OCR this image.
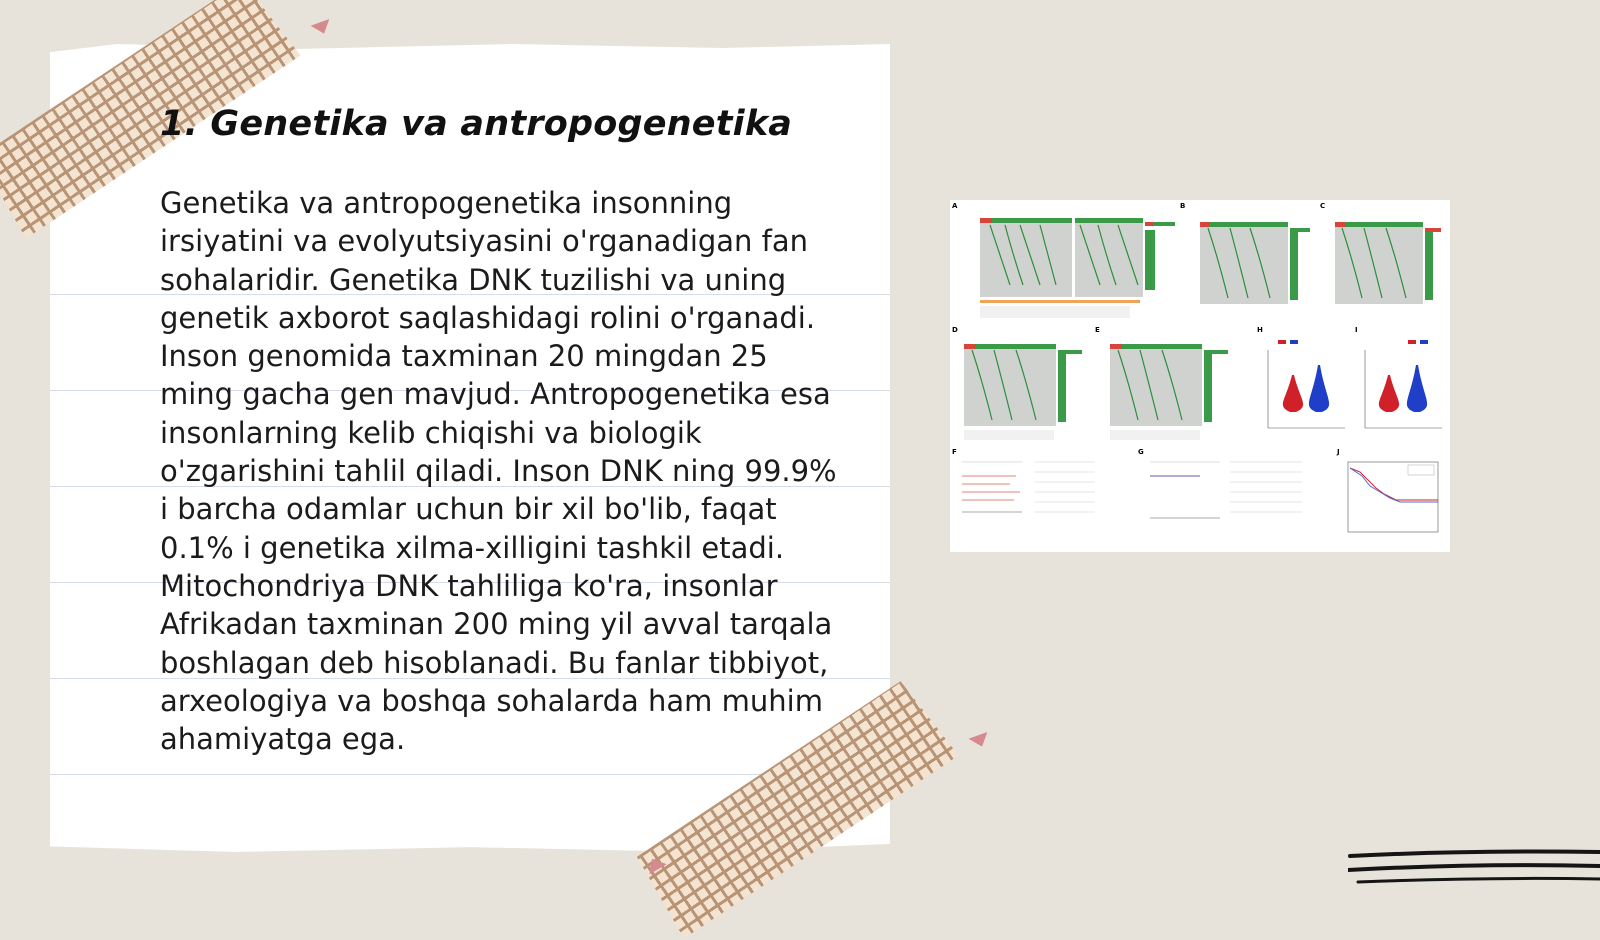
1. Genetika va antropogenetika

Genetika va antropogenetika insonning irsiyatini va evolyutsiyasini o'rganadigan fan sohalaridir. Genetika DNK tuzilishi va uning genetik axborot saqlashidagi rolini o'rganadi. Inson genomida taxminan 20 mingdan 25 ming gacha gen mavjud. Antropogenetika esa insonlarning kelib chiqishi va biologik o'zgarishini tahlil qiladi. Inson DNK ning 99.9% i barcha odamlar uchun bir xil bo'lib, faqat 0.1% i genetika xilma-xilligini tashkil etadi. Mitochondriya DNK tahliliga ko'ra, insonlar Afrikadan taxminan 200 ming yil avval tarqala boshlagan deb hisoblanadi. Bu fanlar tibbiyot, arxeologiya va boshqa sohalarda ham muhim ahamiyatga ega.

A	B	C
D	E	H	I
F	G	J
